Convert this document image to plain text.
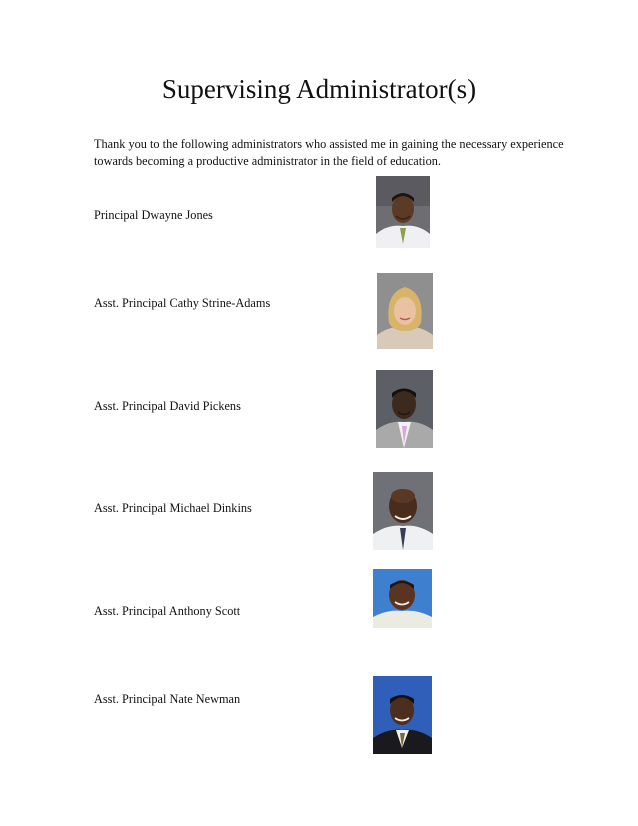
Supervising Administrator(s)

Thank you to the following administrators who assisted me in gaining the necessary experience towards becoming a productive administrator in the field of education.

Principal Dwayne Jones

Asst. Principal Cathy Strine-Adams

Asst. Principal David Pickens

Asst. Principal Michael Dinkins

Asst. Principal Anthony Scott

Asst. Principal Nate Newman
